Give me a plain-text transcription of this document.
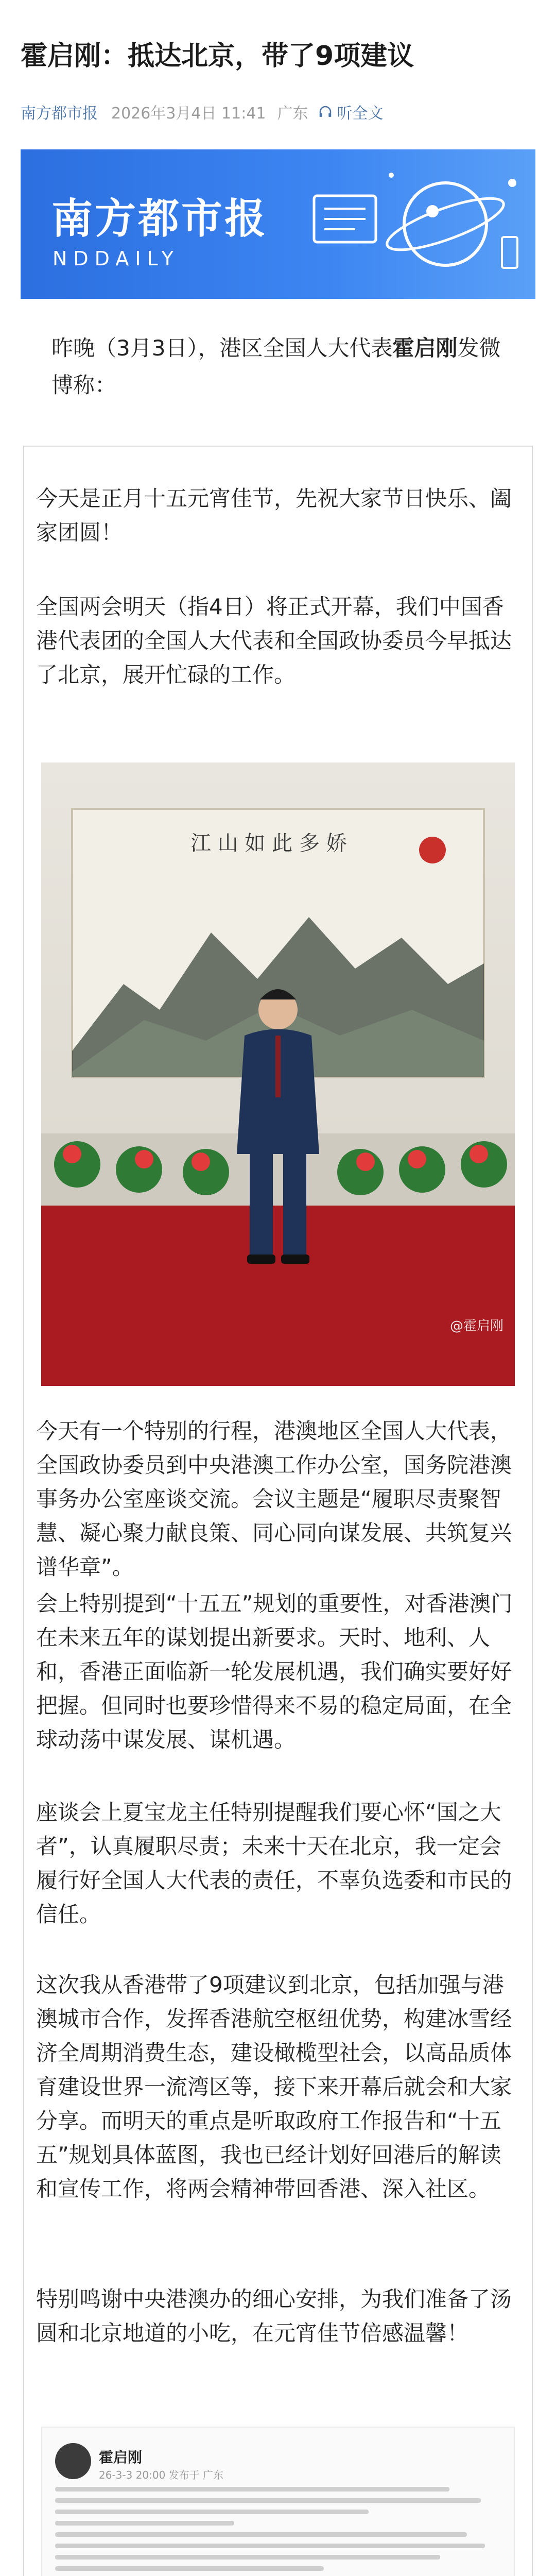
霍启刚：抵达北京，带了9项建议
南方都市报 2026年3月4日 11:41 广东 听全文
南方都市报
NDDAILY

昨晚（3月3日），港区全国人大代表霍启刚发微博称：

今天是正月十五元宵佳节，先祝大家节日快乐、阖家团圆！

全国两会明天（指4日）将正式开幕，我们中国香港代表团的全国人大代表和全国政协委员今早抵达了北京，展开忙碌的工作。

江 山 如 此 多 娇
@霍启刚

今天有一个特别的行程，港澳地区全国人大代表，全国政协委员到中央港澳工作办公室，国务院港澳事务办公室座谈交流。会议主题是“履职尽责聚智慧、凝心聚力献良策、同心同向谋发展、共筑复兴谱华章”。

会上特别提到“十五五”规划的重要性，对香港澳门在未来五年的谋划提出新要求。天时、地利、人和，香港正面临新一轮发展机遇，我们确实要好好把握。但同时也要珍惜得来不易的稳定局面，在全球动荡中谋发展、谋机遇。

座谈会上夏宝龙主任特别提醒我们要心怀“国之大者”，认真履职尽责；未来十天在北京，我一定会履行好全国人大代表的责任，不辜负选委和市民的信任。

这次我从香港带了9项建议到北京，包括加强与港澳城市合作，发挥香港航空枢纽优势，构建冰雪经济全周期消费生态，建设橄榄型社会，以高品质体育建设世界一流湾区等，接下来开幕后就会和大家分享。而明天的重点是听取政府工作报告和“十五五”规划具体蓝图，我也已经计划好回港后的解读和宣传工作，将两会精神带回香港、深入社区。

特别鸣谢中央港澳办的细心安排，为我们准备了汤圆和北京地道的小吃，在元宵佳节倍感温馨！

霍启刚
26-3-3 20:00 发布于 广东
